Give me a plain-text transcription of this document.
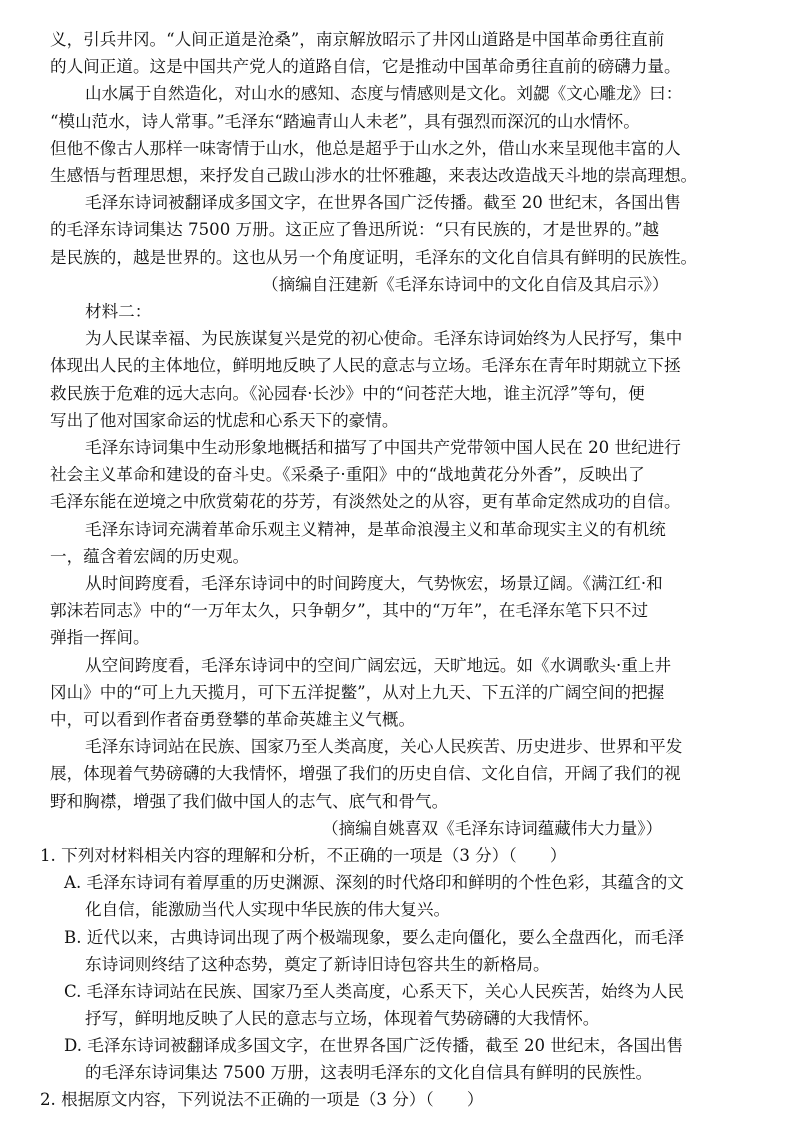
义，引兵井冈。“人间正道是沧桑”，南京解放昭示了井冈山道路是中国革命勇往直前
的人间正道。这是中国共产党人的道路自信，它是推动中国革命勇往直前的磅礴力量。
山水属于自然造化，对山水的感知、态度与情感则是文化。刘勰《文心雕龙》曰：
“模山范水，诗人常事。”毛泽东“踏遍青山人未老”，具有强烈而深沉的山水情怀。
但他不像古人那样一味寄情于山水，他总是超乎于山水之外，借山水来呈现他丰富的人
生感悟与哲理思想，来抒发自己跋山涉水的壮怀雅趣，来表达改造战天斗地的崇高理想。
毛泽东诗词被翻译成多国文字，在世界各国广泛传播。截至 20 世纪末，各国出售
的毛泽东诗词集达 7500 万册。这正应了鲁迅所说：“只有民族的，才是世界的。”越
是民族的，越是世界的。这也从另一个角度证明，毛泽东的文化自信具有鲜明的民族性。
（摘编自汪建新《毛泽东诗词中的文化自信及其启示》）
材料二：
为人民谋幸福、为民族谋复兴是党的初心使命。毛泽东诗词始终为人民抒写，集中
体现出人民的主体地位，鲜明地反映了人民的意志与立场。毛泽东在青年时期就立下拯
救民族于危难的远大志向。《沁园春·长沙》中的“问苍茫大地，谁主沉浮”等句，便
写出了他对国家命运的忧虑和心系天下的豪情。
毛泽东诗词集中生动形象地概括和描写了中国共产党带领中国人民在 20 世纪进行
社会主义革命和建设的奋斗史。《采桑子·重阳》中的“战地黄花分外香”，反映出了
毛泽东能在逆境之中欣赏菊花的芬芳，有淡然处之的从容，更有革命定然成功的自信。
毛泽东诗词充满着革命乐观主义精神，是革命浪漫主义和革命现实主义的有机统
一，蕴含着宏阔的历史观。
从时间跨度看，毛泽东诗词中的时间跨度大，气势恢宏，场景辽阔。《满江红·和
郭沫若同志》中的“一万年太久，只争朝夕”，其中的“万年”，在毛泽东笔下只不过
弹指一挥间。
从空间跨度看，毛泽东诗词中的空间广阔宏远，天旷地远。如《水调歌头·重上井
冈山》中的“可上九天揽月，可下五洋捉鳖”，从对上九天、下五洋的广阔空间的把握
中，可以看到作者奋勇登攀的革命英雄主义气概。
毛泽东诗词站在民族、国家乃至人类高度，关心人民疾苦、历史进步、世界和平发
展，体现着气势磅礴的大我情怀，增强了我们的历史自信、文化自信，开阔了我们的视
野和胸襟，增强了我们做中国人的志气、底气和骨气。
（摘编自姚喜双《毛泽东诗词蕴藏伟大力量》）
1. 下列对材料相关内容的理解和分析，不正确的一项是（3 分）（　　）
A. 毛泽东诗词有着厚重的历史渊源、深刻的时代烙印和鲜明的个性色彩，其蕴含的文
化自信，能激励当代人实现中华民族的伟大复兴。
B. 近代以来，古典诗词出现了两个极端现象，要么走向僵化，要么全盘西化，而毛泽
东诗词则终结了这种态势，奠定了新诗旧诗包容共生的新格局。
C. 毛泽东诗词站在民族、国家乃至人类高度，心系天下，关心人民疾苦，始终为人民
抒写，鲜明地反映了人民的意志与立场，体现着气势磅礴的大我情怀。
D. 毛泽东诗词被翻译成多国文字，在世界各国广泛传播，截至 20 世纪末，各国出售
的毛泽东诗词集达 7500 万册，这表明毛泽东的文化自信具有鲜明的民族性。
2. 根据原文内容，下列说法不正确的一项是（3 分）（　　）
